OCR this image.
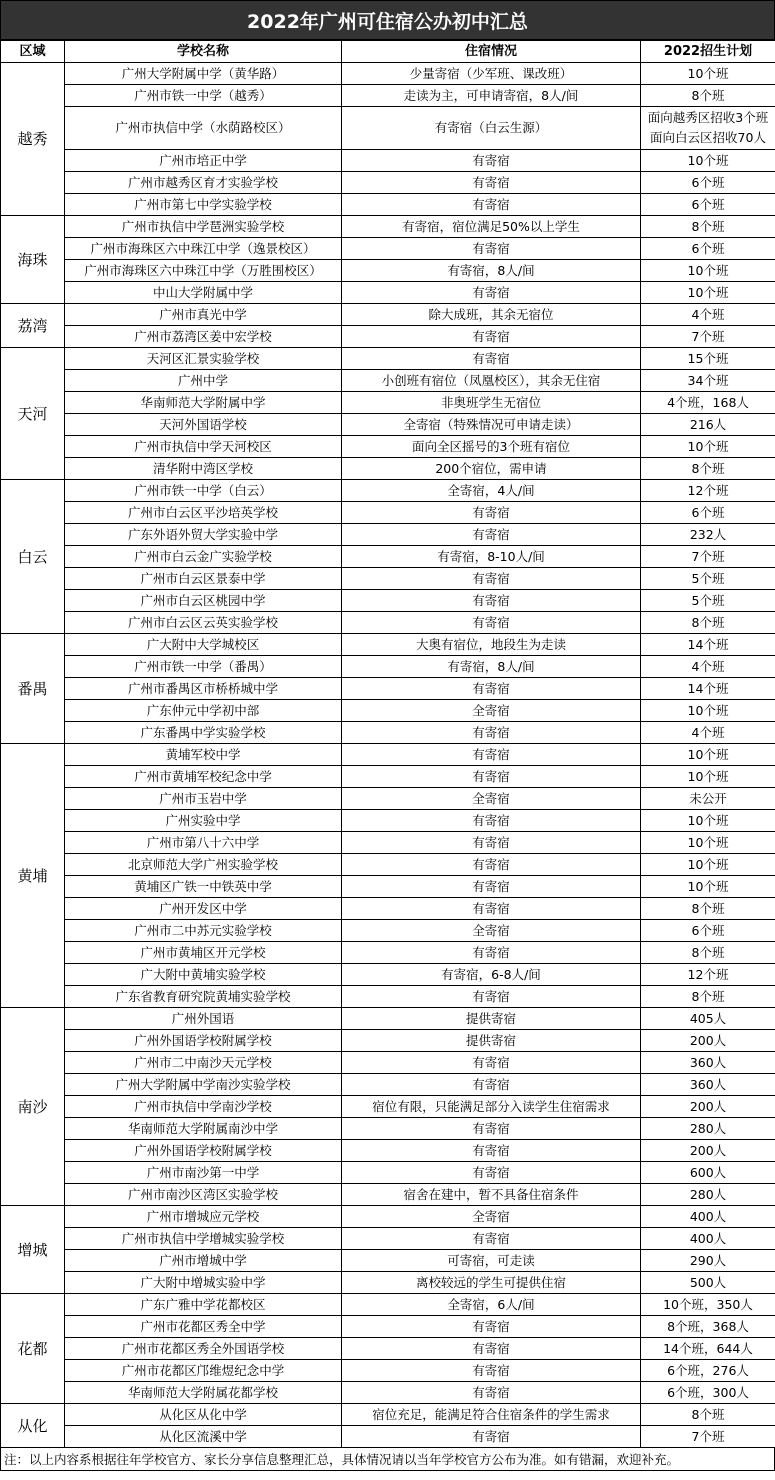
2022年广州可住宿公办初中汇总
区域	学校名称	住宿情况	2022招生计划
越秀	广州大学附属中学（黄华路）	少量寄宿（少军班、课改班）	10个班
	广州市铁一中学（越秀）	走读为主，可申请寄宿，8人/间	8个班
	广州市执信中学（水荫路校区）	有寄宿（白云生源）	面向越秀区招收3个班
面向白云区招收70人

	广州市培正中学	有寄宿	10个班
	广州市越秀区育才实验学校	有寄宿	6个班
	广州市第七中学实验学校	有寄宿	6个班
海珠	广州市执信中学琶洲实验学校	有寄宿，宿位满足50%以上学生	8个班
	广州市海珠区六中珠江中学（逸景校区）	有寄宿	6个班
	广州市海珠区六中珠江中学（万胜围校区）	有寄宿，8人/间	10个班
	中山大学附属中学	有寄宿	10个班
荔湾	广州市真光中学	除大成班，其余无宿位	4个班
	广州市荔湾区姜中宏学校	有寄宿	7个班
天河	天河区汇景实验学校	有寄宿	15个班
	广州中学	小创班有宿位（凤凰校区），其余无住宿	34个班
	华南师范大学附属中学	非奥班学生无宿位	4个班，168人
	天河外国语学校	全寄宿（特殊情况可申请走读）	216人
	广州市执信中学天河校区	面向全区摇号的3个班有宿位	10个班
	清华附中湾区学校	200个宿位，需申请	8个班
白云	广州市铁一中学（白云）	全寄宿，4人/间	12个班
	广州市白云区平沙培英学校	有寄宿	6个班
	广东外语外贸大学实验中学	有寄宿	232人
	广州市白云金广实验学校	有寄宿，8-10人/间	7个班
	广州市白云区景泰中学	有寄宿	5个班
	广州市白云区桃园中学	有寄宿	5个班
	广州市白云区云英实验学校	有寄宿	8个班
番禺	广大附中大学城校区	大奥有宿位，地段生为走读	14个班
	广州市铁一中学（番禺）	有寄宿，8人/间	4个班
	广州市番禺区市桥桥城中学	有寄宿	14个班
	广东仲元中学初中部	全寄宿	10个班
	广东番禺中学实验学校	有寄宿	4个班
黄埔	黄埔军校中学	有寄宿	10个班
	广州市黄埔军校纪念中学	有寄宿	10个班
	广州市玉岩中学	全寄宿	未公开
	广州实验中学	有寄宿	10个班
	广州市第八十六中学	有寄宿	10个班
	北京师范大学广州实验学校	有寄宿	10个班
	黄埔区广铁一中铁英中学	有寄宿	10个班
	广州开发区中学	有寄宿	8个班
	广州市二中苏元实验学校	全寄宿	6个班
	广州市黄埔区开元学校	有寄宿	8个班
	广大附中黄埔实验学校	有寄宿，6-8人/间	12个班
	广东省教育研究院黄埔实验学校	有寄宿	8个班
南沙	广州外国语	提供寄宿	405人
	广州外国语学校附属学校	提供寄宿	200人
	广州市二中南沙天元学校	有寄宿	360人
	广州大学附属中学南沙实验学校	有寄宿	360人
	广州市执信中学南沙学校	宿位有限，只能满足部分入读学生住宿需求	200人
	华南师范大学附属南沙中学	有寄宿	280人
	广州外国语学校附属学校	有寄宿	200人
	广州市南沙第一中学	有寄宿	600人
	广州市南沙区湾区实验学校	宿舍在建中，暂不具备住宿条件	280人
增城	广州市增城应元学校	全寄宿	400人
	广州市执信中学增城实验学校	有寄宿	400人
	广州市增城中学	可寄宿，可走读	290人
	广大附中增城实验中学	离校较远的学生可提供住宿	500人
花都	广东广雅中学花都校区	全寄宿，6人/间	10个班，350人
	广州市花都区秀全中学	有寄宿	8个班，368人
	广州市花都区秀全外国语学校	有寄宿	14个班，644人
	广州市花都区邝维煜纪念中学	有寄宿	6个班，276人
	华南师范大学附属花都学校	有寄宿	6个班，300人
从化	从化区从化中学	宿位充足，能满足符合住宿条件的学生需求	8个班
	从化区流溪中学	有寄宿	7个班
注：以上内容系根据往年学校官方、家长分享信息整理汇总，具体情况请以当年学校官方公布为准。如有错漏，欢迎补充。
